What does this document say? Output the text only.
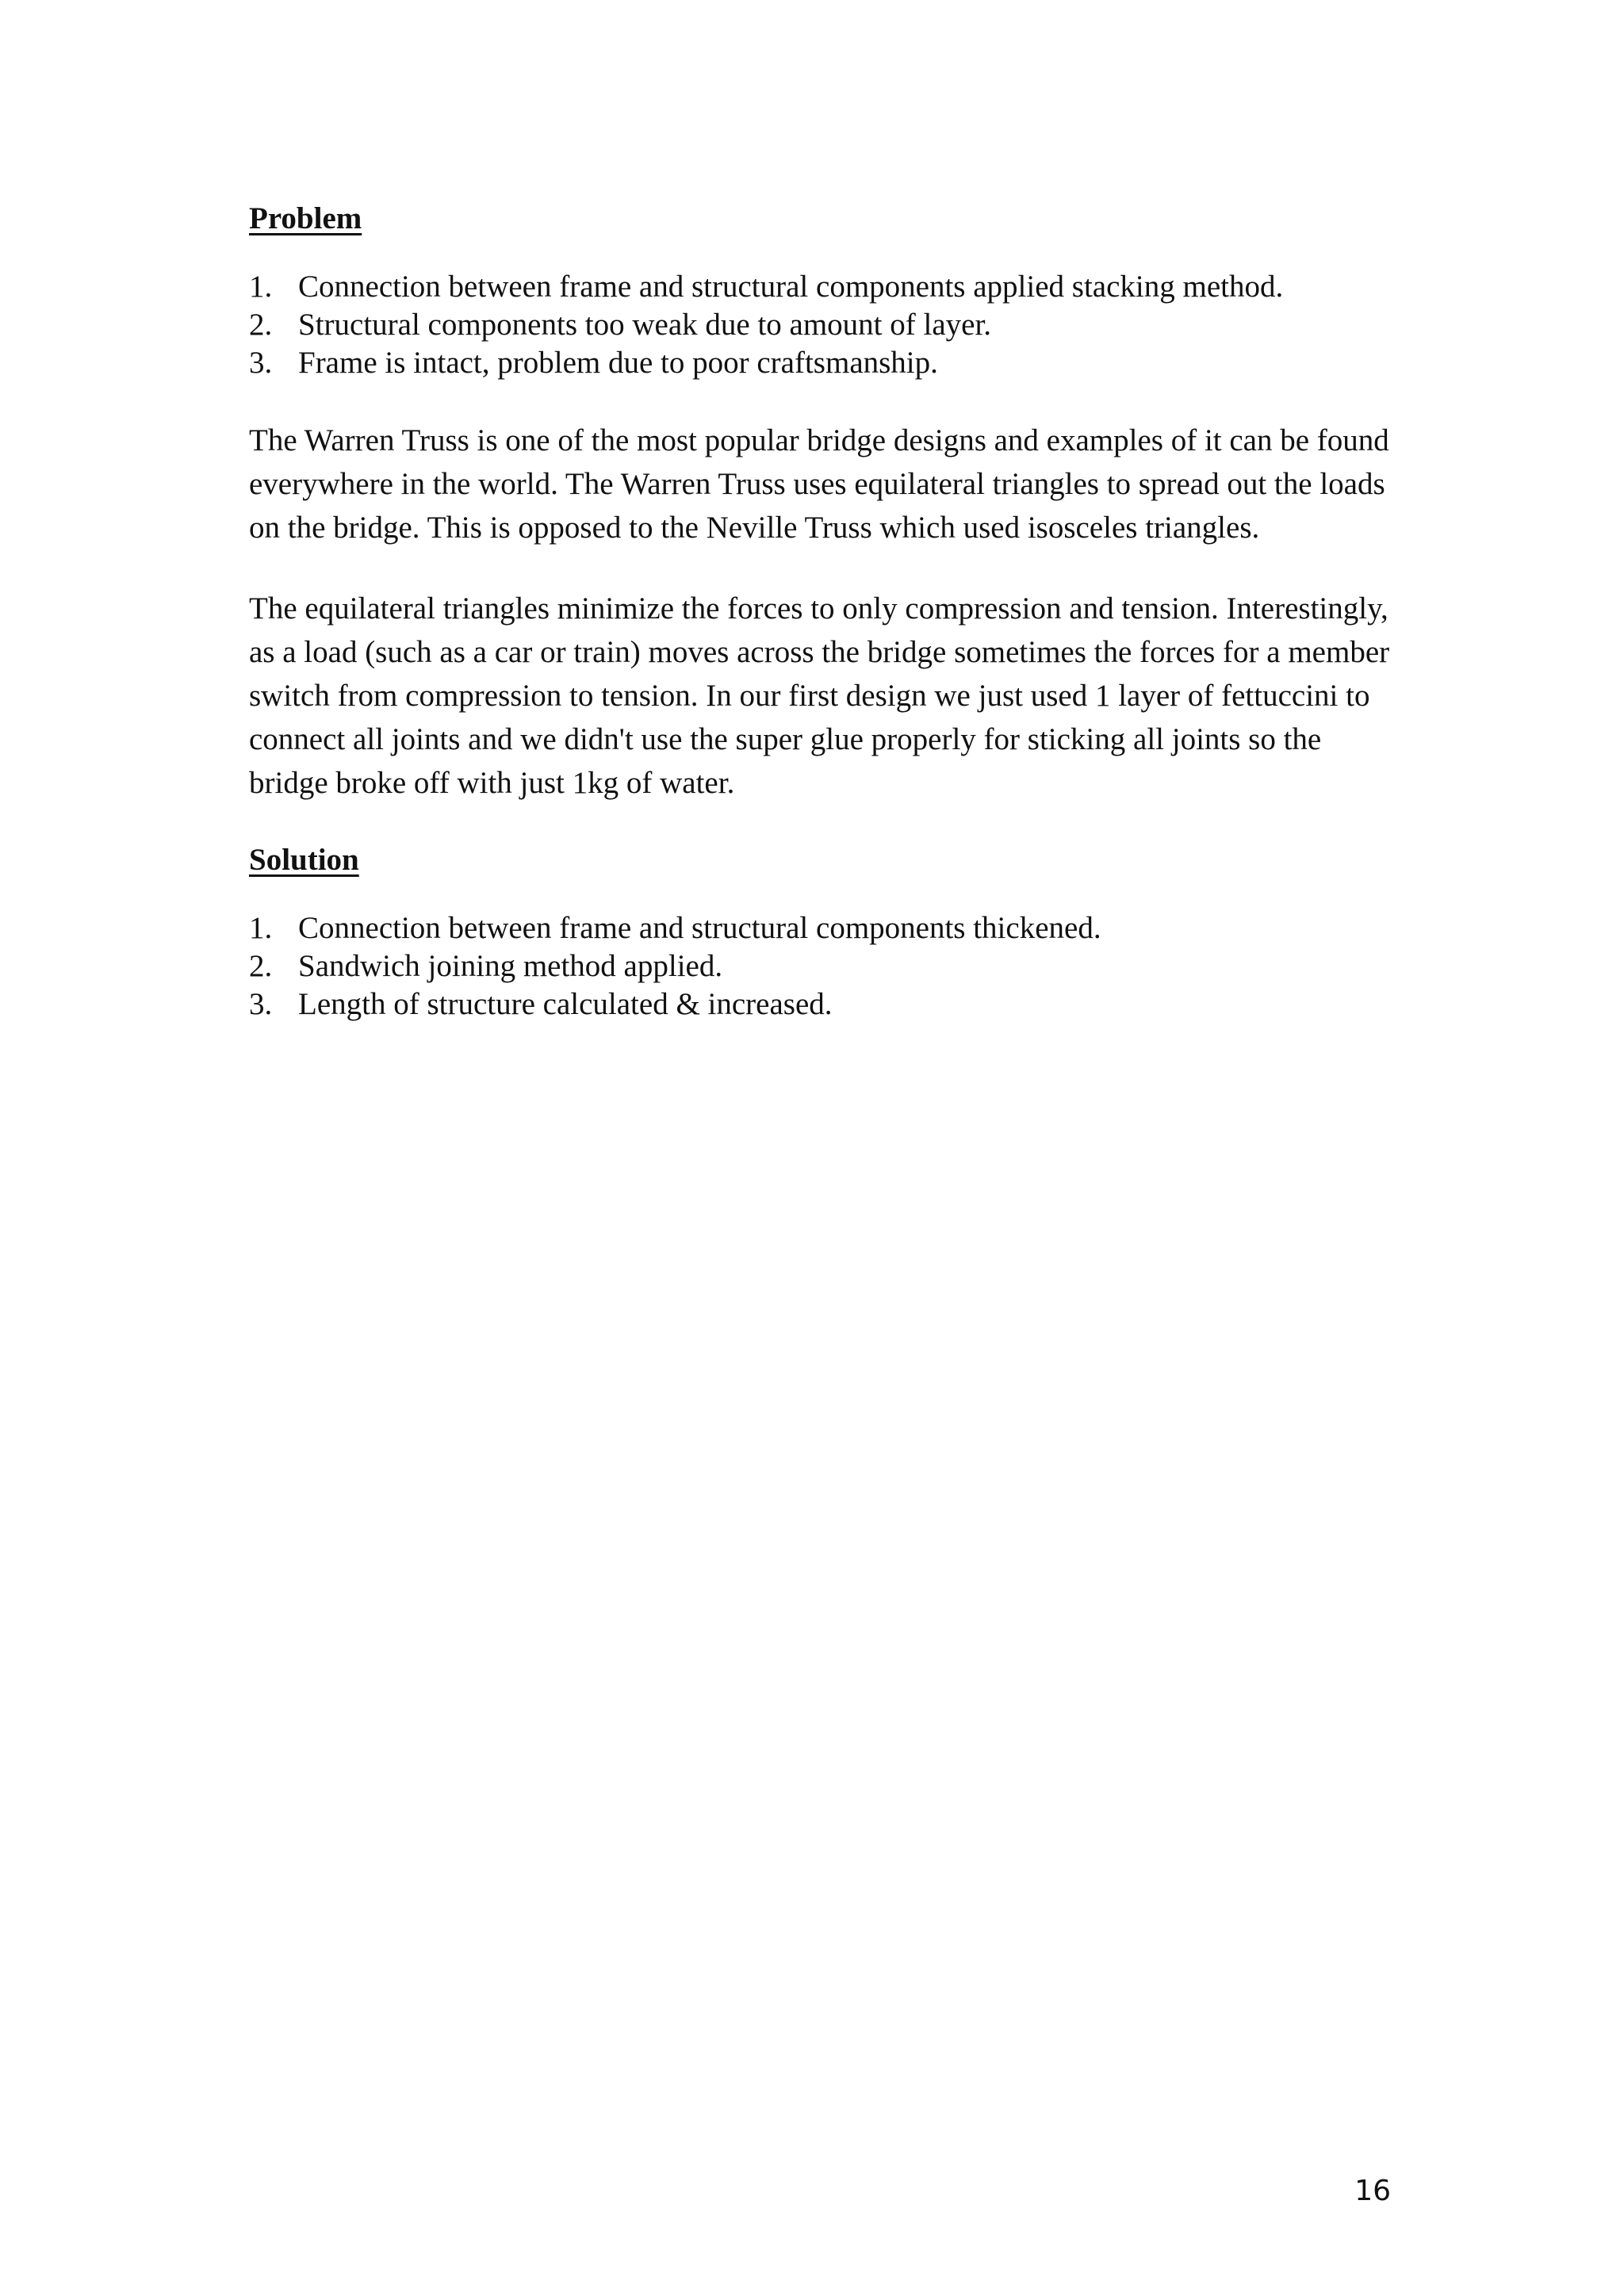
Problem
1. Connection between frame and structural components applied stacking method.
2. Structural components too weak due to amount of layer.
3. Frame is intact, problem due to poor craftsmanship.

The Warren Truss is one of the most popular bridge designs and examples of it can be found everywhere in the world. The Warren Truss uses equilateral triangles to spread out the loads on the bridge. This is opposed to the Neville Truss which used isosceles triangles.

The equilateral triangles minimize the forces to only compression and tension. Interestingly, as a load (such as a car or train) moves across the bridge sometimes the forces for a member switch from compression to tension. In our first design we just used 1 layer of fettuccini to connect all joints and we didn't use the super glue properly for sticking all joints so the bridge broke off with just 1kg of water.

Solution
1. Connection between frame and structural components thickened.
2. Sandwich joining method applied.
3. Length of structure calculated & increased.
16
